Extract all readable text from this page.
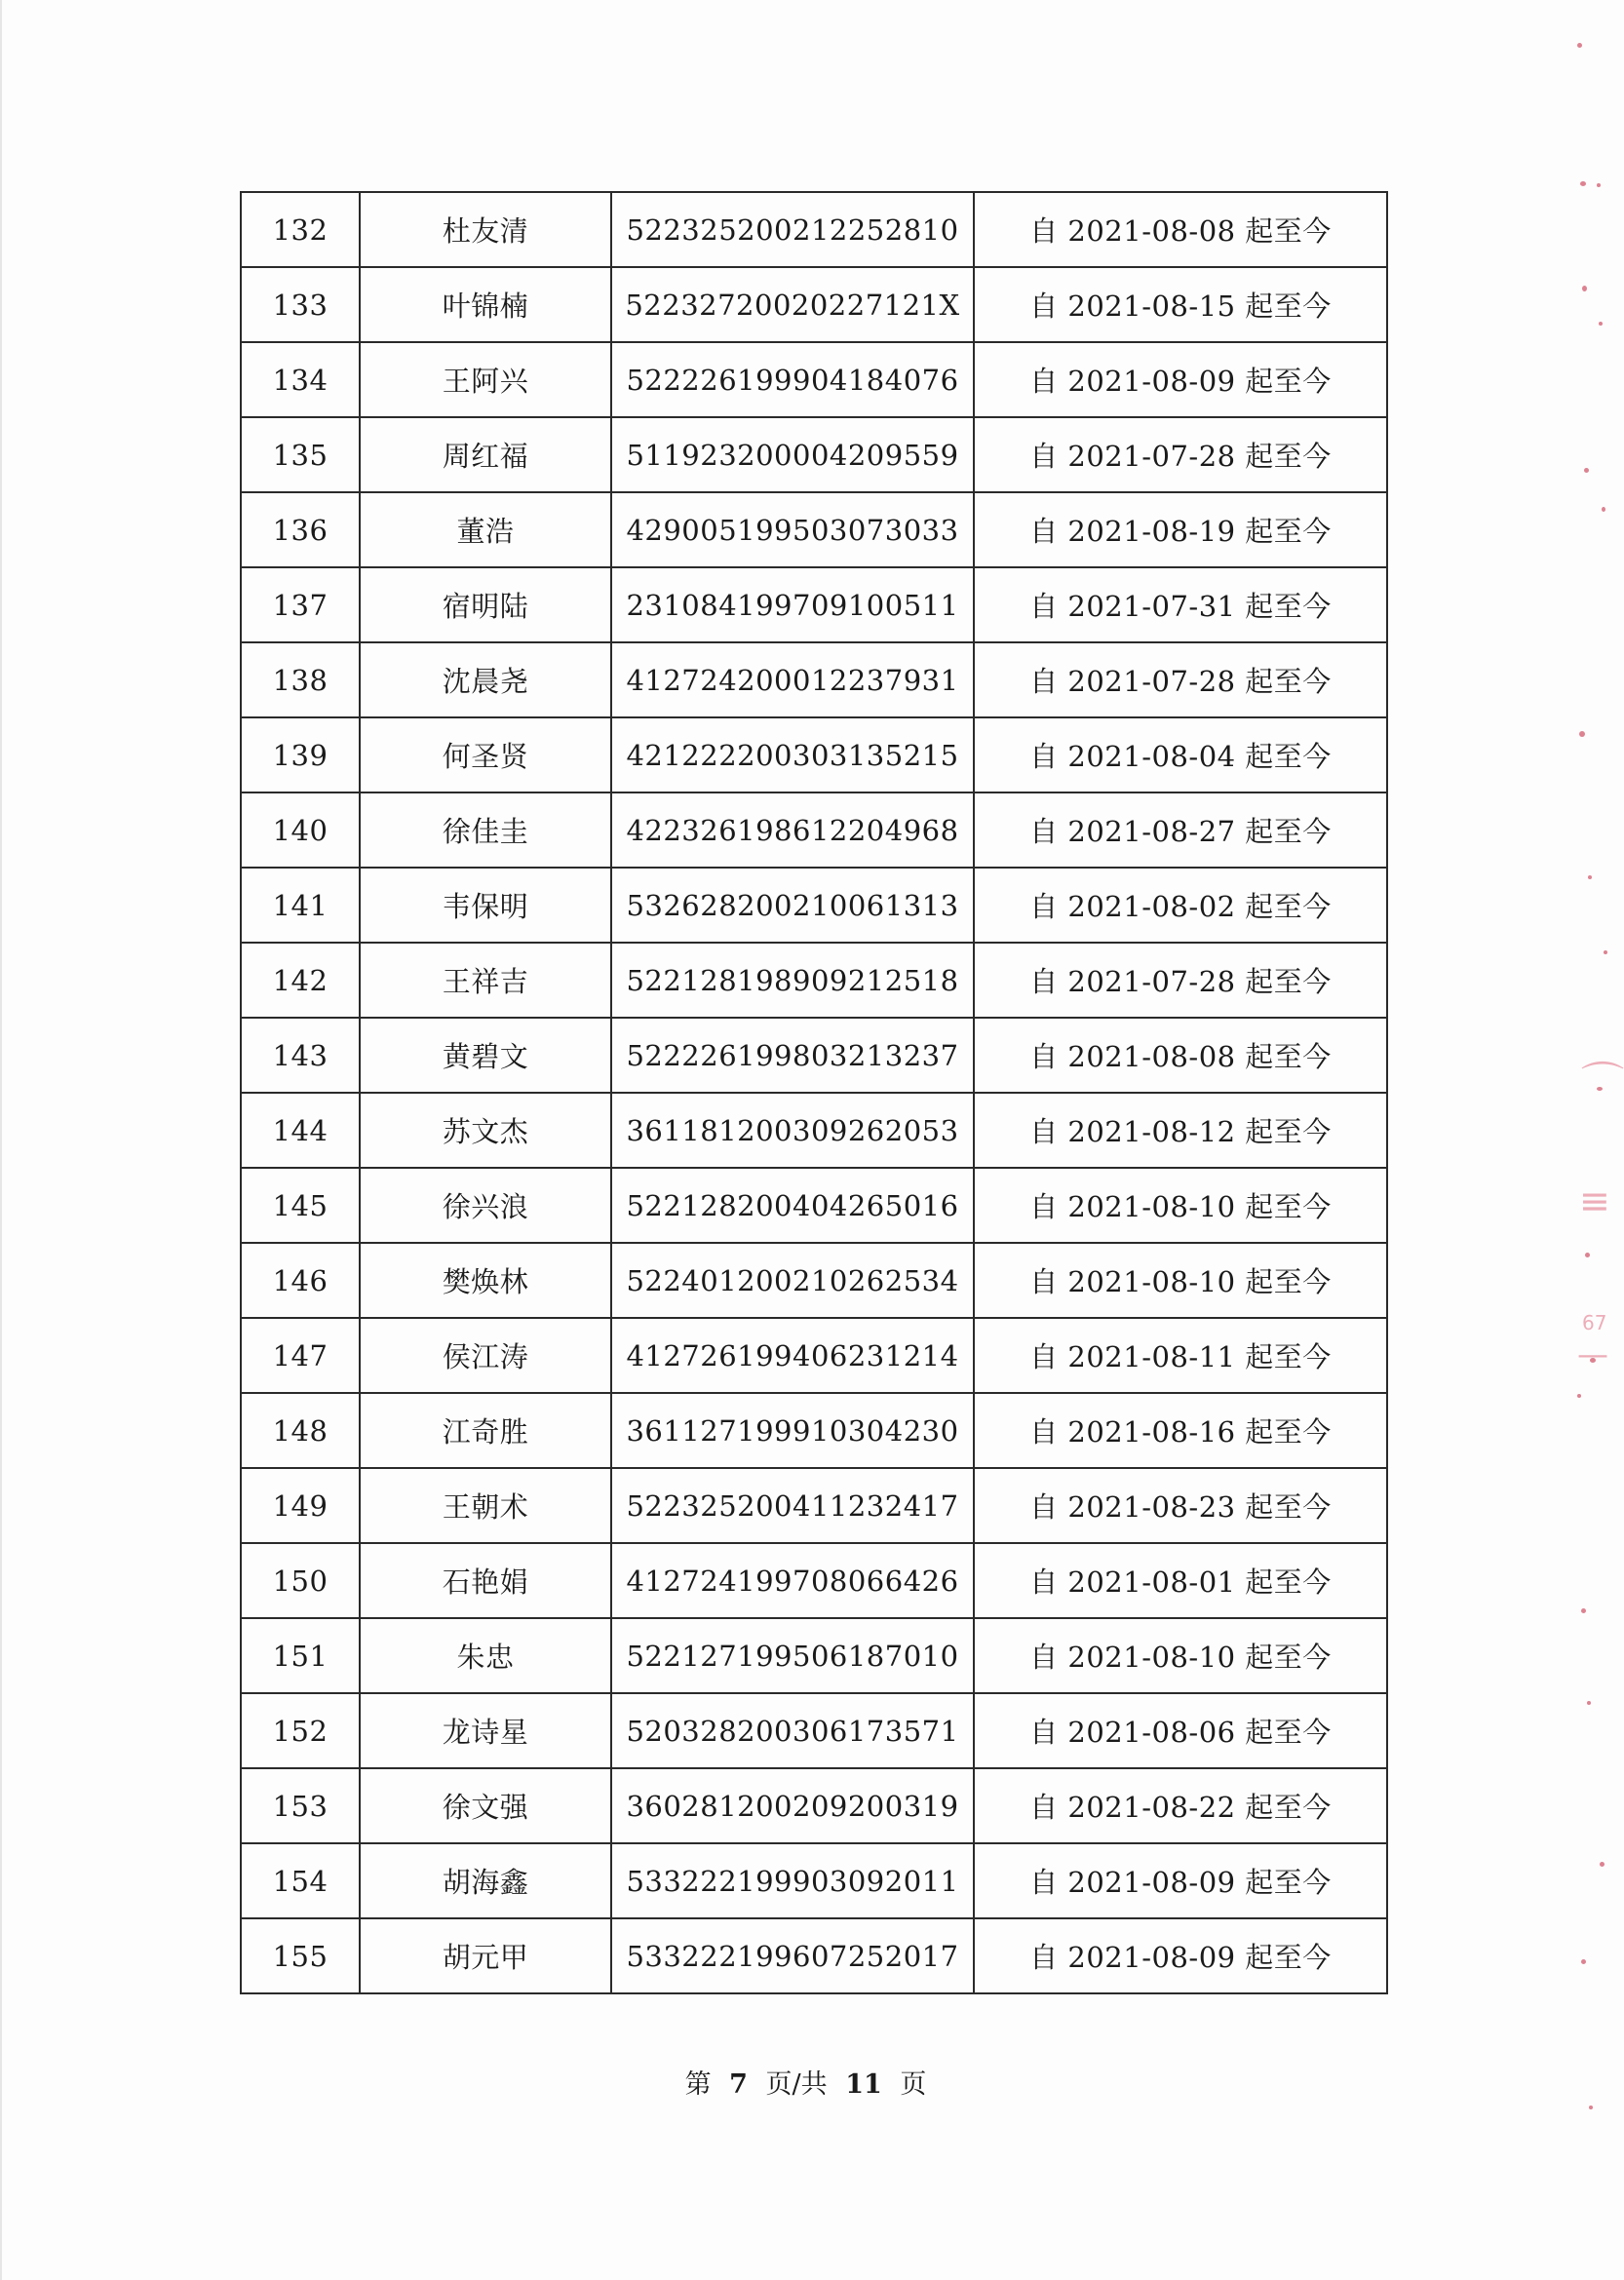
132	杜友清	522325200212252810	自 2021-08-08 起至今
133	叶锦楠	52232720020227121X	自 2021-08-15 起至今
134	王阿兴	522226199904184076	自 2021-08-09 起至今
135	周红福	511923200004209559	自 2021-07-28 起至今
136	董浩	429005199503073033	自 2021-08-19 起至今
137	宿明陆	231084199709100511	自 2021-07-31 起至今
138	沈晨尧	412724200012237931	自 2021-07-28 起至今
139	何圣贤	421222200303135215	自 2021-08-04 起至今
140	徐佳圭	422326198612204968	自 2021-08-27 起至今
141	韦保明	532628200210061313	自 2021-08-02 起至今
142	王祥吉	522128198909212518	自 2021-07-28 起至今
143	黄碧文	522226199803213237	自 2021-08-08 起至今
144	苏文杰	361181200309262053	自 2021-08-12 起至今
145	徐兴浪	522128200404265016	自 2021-08-10 起至今
146	樊焕林	522401200210262534	自 2021-08-10 起至今
147	侯江涛	412726199406231214	自 2021-08-11 起至今
148	江奇胜	361127199910304230	自 2021-08-16 起至今
149	王朝术	522325200411232417	自 2021-08-23 起至今
150	石艳娟	412724199708066426	自 2021-08-01 起至今
151	朱忠	522127199506187010	自 2021-08-10 起至今
152	龙诗星	520328200306173571	自 2021-08-06 起至今
153	徐文强	360281200209200319	自 2021-08-22 起至今
154	胡海鑫	533222199903092011	自 2021-08-09 起至今
155	胡元甲	533222199607252017	自 2021-08-09 起至今
第 7 页/共 11 页
⌒
≡
67
—
